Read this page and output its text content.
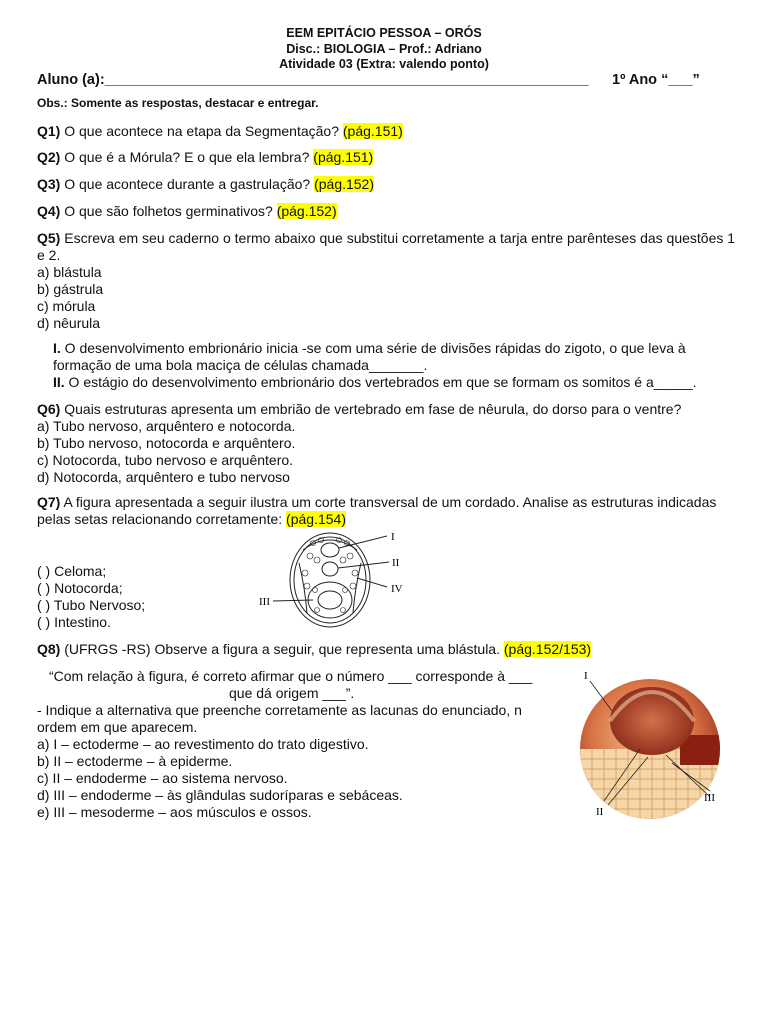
EEM EPITÁCIO PESSOA – ORÓS
Disc.: BIOLOGIA – Prof.: Adriano
Atividade 03 (Extra: valendo ponto)
Aluno (a):____________________________________________________________ 1º Ano “___”
Obs.: Somente as respostas, destacar e entregar.
Q1) O que acontece na etapa da Segmentação? (pág.151)
Q2) O que é a Mórula? E o que ela lembra? (pág.151)
Q3) O que acontece durante a gastrulação? (pág.152)
Q4) O que são folhetos germinativos? (pág.152)
Q5) Escreva em seu caderno o termo abaixo que substitui corretamente a tarja entre parênteses das questões 1
e 2.
a) blástula
b) gástrula
c) mórula
d) nêurula
I. O desenvolvimento embrionário inicia -se com uma série de divisões rápidas do zigoto, o que leva à
formação de uma bola maciça de células chamada_______.
II. O estágio do desenvolvimento embrionário dos vertebrados em que se formam os somitos é a_____.
Q6) Quais estruturas apresenta um embrião de vertebrado em fase de nêurula, do dorso para o ventre?
a) Tubo nervoso, arquêntero e notocorda.
b) Tubo nervoso, notocorda e arquêntero.
c) Notocorda, tubo nervoso e arquêntero.
d) Notocorda, arquêntero e tubo nervoso
Q7) A figura apresentada a seguir ilustra um corte transversal de um cordado. Analise as estruturas indicadas
pelas setas relacionando corretamente: (pág.154)
( ) Celoma;
( ) Notocorda;
( ) Tubo Nervoso;
( ) Intestino.
I
II
III
IV
Q8) (UFRGS -RS) Observe a figura a seguir, que representa uma blástula. (pág.152/153)
“Com relação à figura, é correto afirmar que o número ___ corresponde à ___
que dá origem ___”.
- Indique a alternativa que preenche corretamente as lacunas do enunciado, n
ordem em que aparecem.
a) I – ectoderme – ao revestimento do trato digestivo.
b) II – ectoderme – à epiderme.
c) II – endoderme – ao sistema nervoso.
d) III – endoderme – às glândulas sudoríparas e sebáceas.
e) III – mesoderme – aos músculos e ossos.
I
II
III
